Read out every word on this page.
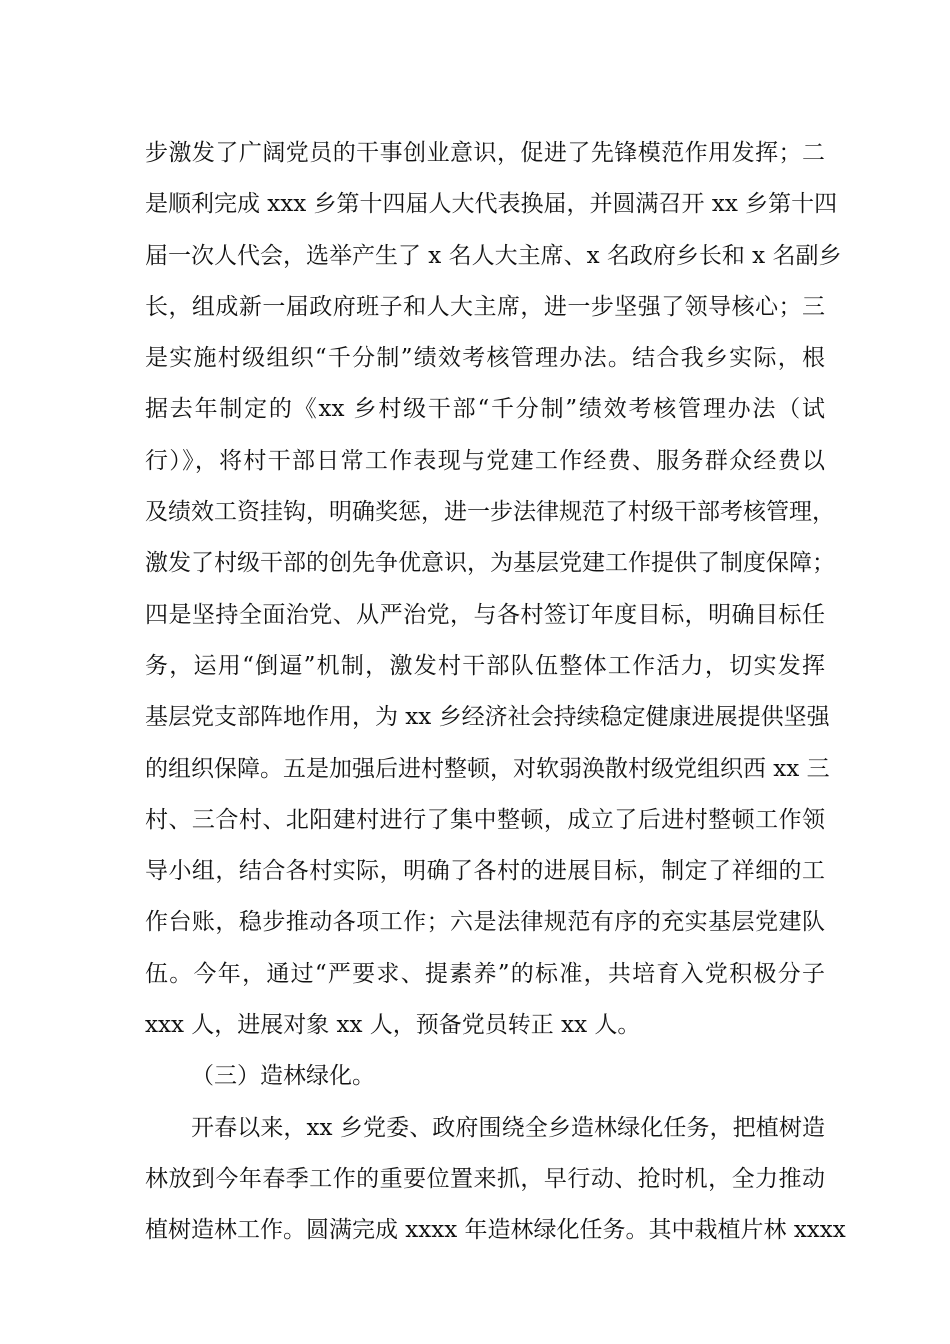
步激发了广阔党员的干事创业意识，促进了先锋模范作用发挥；二
是顺利完成 xxx 乡第十四届人大代表换届，并圆满召开 xx 乡第十四
届一次人代会，选举产生了 x 名人大主席、x 名政府乡长和 x 名副乡
长，组成新一届政府班子和人大主席，进一步坚强了领导核心；三
是实施村级组织“千分制”绩效考核管理办法。结合我乡实际，根
据去年制定的《xx 乡村级干部“千分制”绩效考核管理办法（试
行）》，将村干部日常工作表现与党建工作经费、服务群众经费以
及绩效工资挂钩，明确奖惩，进一步法律规范了村级干部考核管理，
激发了村级干部的创先争优意识，为基层党建工作提供了制度保障；
四是坚持全面治党、从严治党，与各村签订年度目标，明确目标任
务，运用“倒逼”机制，激发村干部队伍整体工作活力，切实发挥
基层党支部阵地作用，为 xx 乡经济社会持续稳定健康进展提供坚强
的组织保障。五是加强后进村整顿，对软弱涣散村级党组织西 xx 三
村、三合村、北阳建村进行了集中整顿，成立了后进村整顿工作领
导小组，结合各村实际，明确了各村的进展目标，制定了祥细的工
作台账，稳步推动各项工作；六是法律规范有序的充实基层党建队
伍。今年，通过“严要求、提素养”的标准，共培育入党积极分子
xxx 人，进展对象 xx 人，预备党员转正 xx 人。
（三）造林绿化。
开春以来，xx 乡党委、政府围绕全乡造林绿化任务，把植树造
林放到今年春季工作的重要位置来抓，早行动、抢时机，全力推动
植树造林工作。圆满完成 xxxx 年造林绿化任务。其中栽植片林 xxxx
